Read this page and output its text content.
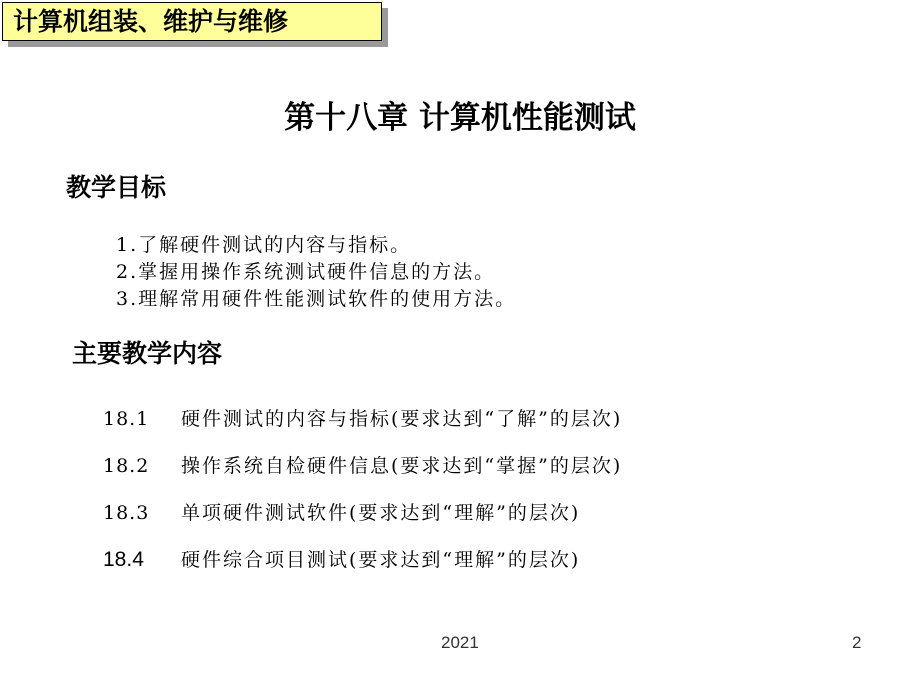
计算机组装、维护与维修
第十八章 计算机性能测试
教学目标
1.了解硬件测试的内容与指标。
2.掌握用操作系统测试硬件信息的方法。
3.理解常用硬件性能测试软件的使用方法。
主要教学内容
18.1 硬件测试的内容与指标(要求达到“了解”的层次)
18.2 操作系统自检硬件信息(要求达到“掌握”的层次)
18.3 单项硬件测试软件(要求达到“理解”的层次)
18.4 硬件综合项目测试(要求达到“理解”的层次)
2021	2
